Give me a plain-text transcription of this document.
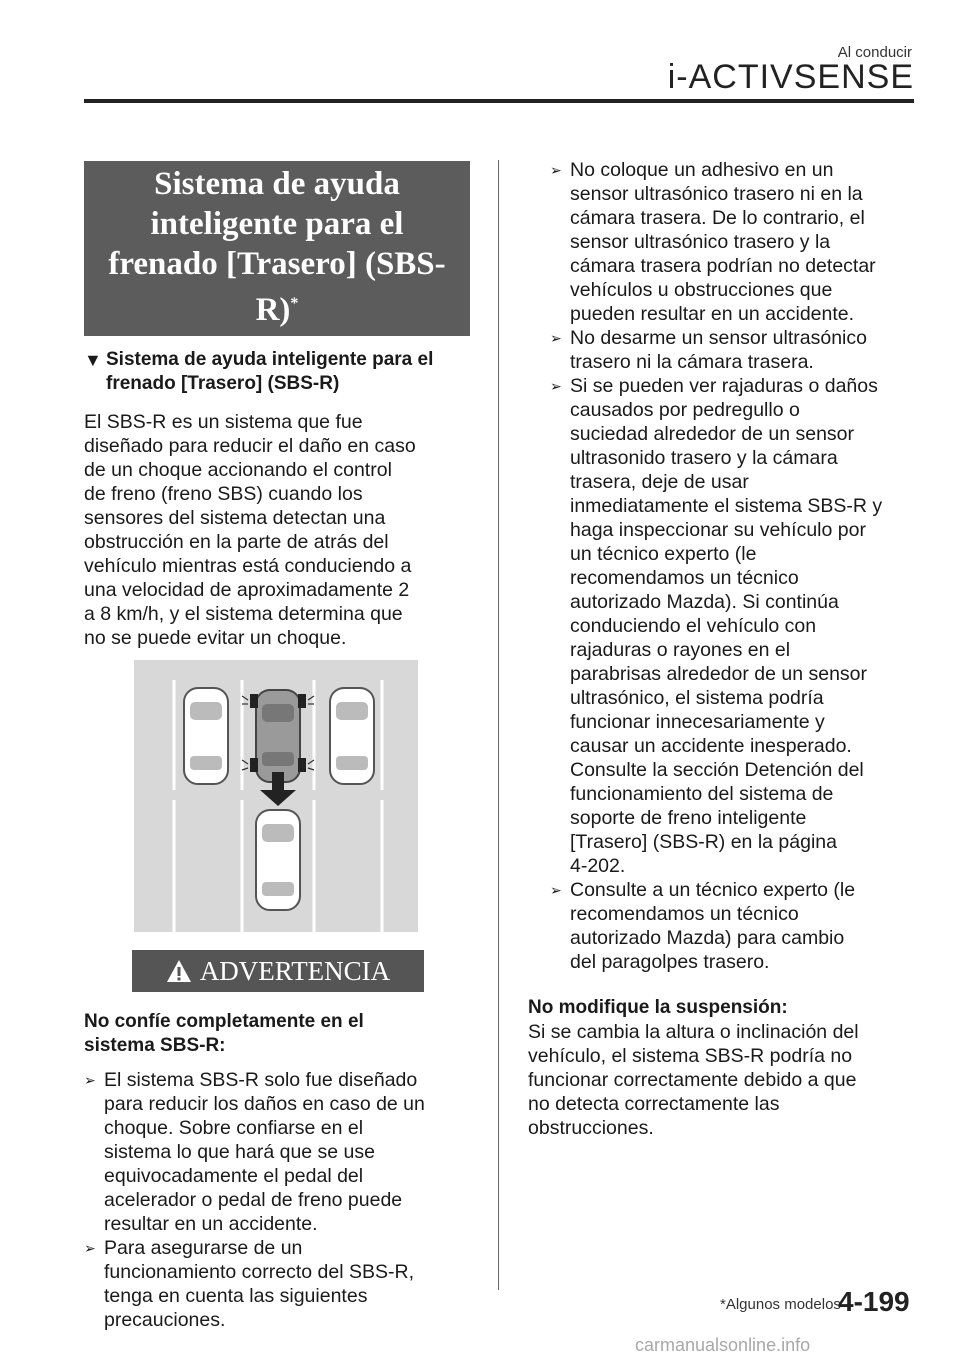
Al conducir
i-ACTIVSENSE
Sistema de ayuda
inteligente para el
frenado [Trasero] (SBS-R)*
▼ Sistema de ayuda inteligente para el frenado [Trasero] (SBS-R)
El SBS-R es un sistema que fue
diseñado para reducir el daño en caso
de un choque accionando el control
de freno (freno SBS) cuando los
sensores del sistema detectan una
obstrucción en la parte de atrás del
vehículo mientras está conduciendo a
una velocidad de aproximadamente 2
a 8 km/h, y el sistema determina que
no se puede evitar un choque.
ADVERTENCIA
No confíe completamente en el
sistema SBS-R:
➢ El sistema SBS-R solo fue diseñado
para reducir los daños en caso de un
choque. Sobre confiarse en el
sistema lo que hará que se use
equivocadamente el pedal del
acelerador o pedal de freno puede
resultar en un accidente.
➢ Para asegurarse de un
funcionamiento correcto del SBS-R,
tenga en cuenta las siguientes
precauciones.
➢ No coloque un adhesivo en un
sensor ultrasónico trasero ni en la
cámara trasera. De lo contrario, el
sensor ultrasónico trasero y la
cámara trasera podrían no detectar
vehículos u obstrucciones que
pueden resultar en un accidente.
➢ No desarme un sensor ultrasónico
trasero ni la cámara trasera.
➢ Si se pueden ver rajaduras o daños
causados por pedregullo o
suciedad alrededor de un sensor
ultrasonido trasero y la cámara
trasera, deje de usar
inmediatamente el sistema SBS-R y
haga inspeccionar su vehículo por
un técnico experto (le
recomendamos un técnico
autorizado Mazda). Si continúa
conduciendo el vehículo con
rajaduras o rayones en el
parabrisas alrededor de un sensor
ultrasónico, el sistema podría
funcionar innecesariamente y
causar un accidente inesperado.
Consulte la sección Detención del
funcionamiento del sistema de
soporte de freno inteligente
[Trasero] (SBS-R) en la página
4-202.
➢ Consulte a un técnico experto (le
recomendamos un técnico
autorizado Mazda) para cambio
del paragolpes trasero.
No modifique la suspensión:
Si se cambia la altura o inclinación del
vehículo, el sistema SBS-R podría no
funcionar correctamente debido a que
no detecta correctamente las
obstrucciones.
*Algunos modelos
4-199
carmanualsonline.info
